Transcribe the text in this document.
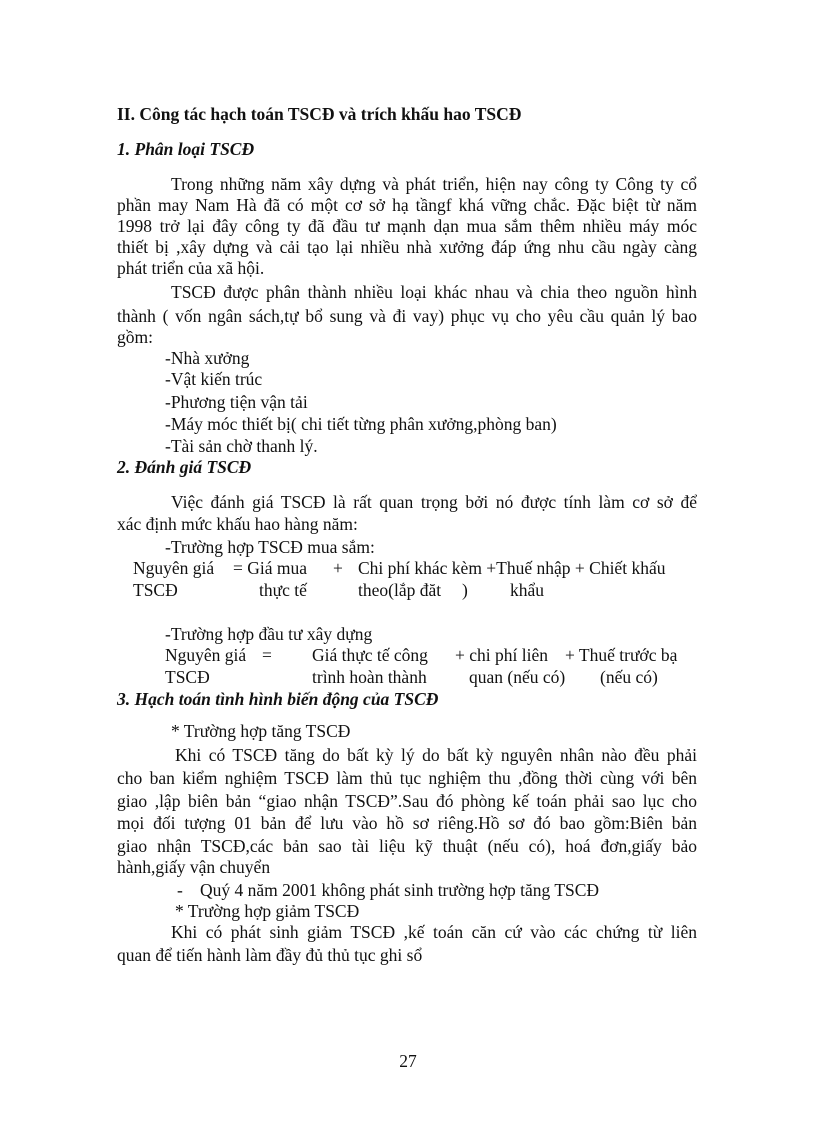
II. Công tác hạch toán TSCĐ và trích khấu hao TSCĐ
1. Phân loại TSCĐ
Trong những năm xây dựng và phát triển, hiện nay công ty Công ty cổ
phần may Nam Hà đã có một cơ sở hạ tầngf khá vững chắc. Đặc biệt từ năm
1998 trở lại đây công ty đã đầu tư mạnh dạn mua sắm thêm nhiều máy móc
thiết bị ,xây dựng và cải tạo lại nhiều nhà xưởng đáp ứng nhu cầu ngày càng
phát triển của xã hội.
TSCĐ được phân thành nhiều loại khác nhau và chia theo nguồn hình
thành ( vốn ngân sách,tự bổ sung và đi vay) phục vụ cho yêu cầu quản lý bao
gồm:
-Nhà xưởng
-Vật kiến trúc
-Phương tiện vận tải
-Máy móc thiết bị( chi tiết từng phân xưởng,phòng ban)
-Tài sản chờ thanh lý.
2. Đánh giá TSCĐ
Việc đánh giá TSCĐ là rất quan trọng bởi nó được tính làm cơ sở để
xác định mức khấu hao hàng năm:
-Trường hợp TSCĐ mua sắm:
Nguyên giá = Giá mua + Chi phí khác kèm +Thuế nhập + Chiết khấu
TSCĐ	thực tế	theo(lắp đăt ) khẩu
-Trường hợp đầu tư xây dựng
Nguyên giá = Giá thực tế công + chi phí liên + Thuế trước bạ
TSCĐ	trình hoàn thành quan (nếu có) (nếu có)
3. Hạch toán tình hình biến động của TSCĐ
* Trường hợp tăng TSCĐ
Khi có TSCĐ tăng do bất kỳ lý do bất kỳ nguyên nhân nào đều phải
cho ban kiểm nghiệm TSCĐ làm thủ tục nghiệm thu ,đồng thời cùng với bên
giao ,lập biên bản “giao nhận TSCĐ”.Sau đó phòng kế toán phải sao lục cho
mọi đối tượng 01 bản để lưu vào hồ sơ riêng.Hồ sơ đó bao gồm:Biên bản
giao nhận TSCĐ,các bản sao tài liệu kỹ thuật (nếu có), hoá đơn,giấy bảo
hành,giấy vận chuyển
- Quý 4 năm 2001 không phát sinh trường hợp tăng TSCĐ
* Trường hợp giảm TSCĐ
Khi có phát sinh giảm TSCĐ ,kế toán căn cứ vào các chứng từ liên
quan để tiến hành làm đầy đủ thủ tục ghi sổ
27
